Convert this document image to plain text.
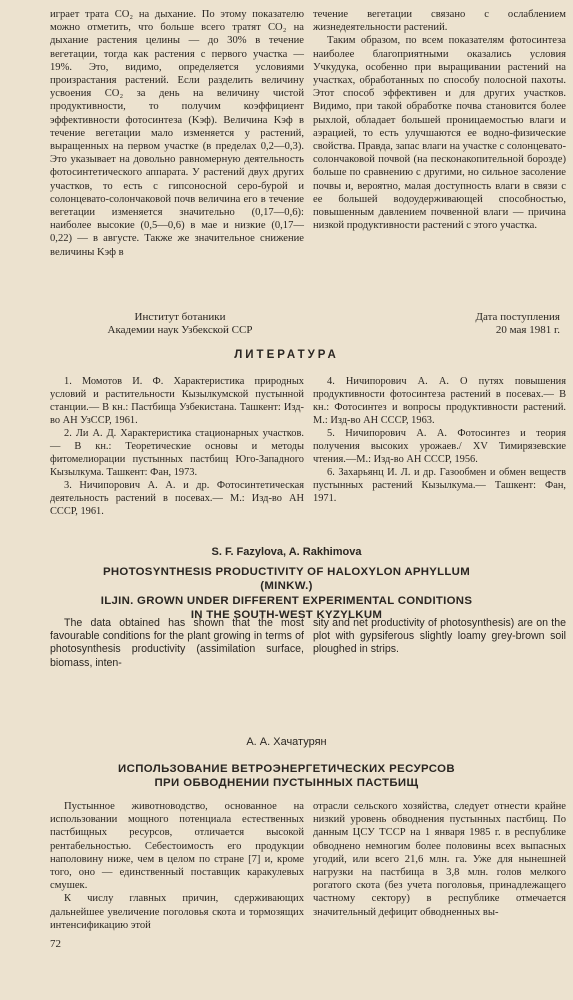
играет трата CO₂ на дыхание. По этому показателю можно отметить, что больше всего тратят CO₂ на дыхание растения целины — до 30% в течение вегетации, тогда как растения с первого участка — 19%. Это, видимо, определяется условиями произрастания растений. Если разделить величину усвоения CO₂ за день на величину чистой продуктивности, то получим коэффициент эффективности фотосинтеза (Kэф). Величина Kэф в течение вегетации мало изменяется у растений, выращенных на первом участке (в пределах 0,2—0,3). Это указывает на довольно равномерную деятельность фотосинтетического аппарата. У растений двух других участков, то есть с гипсоносной серо-бурой и солонцевато-солончаковой почв величина его в течение вегетации изменяется значительно (0,17—0,6): наиболее высокие (0,5—0,6) в мае и низкие (0,17—0,22) — в августе. Также же значительное снижение величины Kэф в

течение вегетации связано с ослаблением жизнедеятельности растений.

Таким образом, по всем показателям фотосинтеза наиболее благоприятными оказались условия Учкудука, особенно при выращивании растений на участках, обработанных по способу полосной пахоты. Этот способ эффективен и для других участков. Видимо, при такой обработке почва становится более рыхлой, обладает большей проницаемостью влаги и аэрацией, то есть улучшаются ее водно-физические свойства. Правда, запас влаги на участке с солонцевато-солончаковой почвой (на песконакопительной борозде) больше по сравнению с другими, но сильное засоление почвы и, вероятно, малая доступность влаги в связи с ее большей водоудерживающей способностью, повышенным давлением почвенной влаги — причина низкой продуктивности растений с этого участка.

Институт ботаники
Академии наук Узбекской ССР
Дата поступления
20 мая 1981 г.
ЛИТЕРАТУРА
1. Момотов И. Ф. Характеристика природных условий и растительности Кызылкумской пустынной станции.— В кн.: Пастбища Узбекистана. Ташкент: Изд-во АН УзССР, 1961.
2. Ли А. Д. Характеристика стационарных участков.— В кн.: Теоретические основы и методы фитомелиорации пустынных пастбищ Юго-Западного Кызылкума. Ташкент: Фан, 1973.
3. Ничипорович А. А. и др. Фотосинтетическая деятельность растений в посевах.— М.: Изд-во АН СССР, 1961.
4. Ничипорович А. А. О путях повышения продуктивности фотосинтеза растений в посевах.— В кн.: Фотосинтез и вопросы продуктивности растений. М.: Изд-во АН СССР, 1963.
5. Ничипорович А. А. Фотосинтез и теория получения высоких урожаев./ XV Тимирязевские чтения.—М.: Изд-во АН СССР, 1956.
6. Захарьянц И. Л. и др. Газообмен и обмен веществ пустынных растений Кызылкума.— Ташкент: Фан, 1971.
S. F. Fazylova, A. Rakhimova
PHOTOSYNTHESIS PRODUCTIVITY OF HALOXYLON APHYLLUM (MINKW.)
ILJIN. GROWN UNDER DIFFERENT EXPERIMENTAL CONDITIONS
IN THE SOUTH-WEST KYZYLKUM

The data obtained has shown that the most favourable conditions for the plant growing in terms of photosynthesis productivity (assimilation surface, biomass, inten-

sity and net productivity of photosynthesis) are on the plot with gypsiferous slightly loamy grey-brown soil ploughed in strips.

А. А. Хачатурян
ИСПОЛЬЗОВАНИЕ ВЕТРОЭНЕРГЕТИЧЕСКИХ РЕСУРСОВ
ПРИ ОБВОДНЕНИИ ПУСТЫННЫХ ПАСТБИЩ

Пустынное животноводство, основанное на использовании мощного потенциала естественных пастбищных ресурсов, отличается высокой рентабельностью. Себестоимость его продукции наполовину ниже, чем в целом по стране [7] и, кроме того, оно — единственный поставщик каракулевых смушек.

К числу главных причин, сдерживающих дальнейшее увеличение поголовья скота и тормозящих интенсификацию этой

отрасли сельского хозяйства, следует отнести крайне низкий уровень обводнения пустынных пастбищ. По данным ЦСУ ТССР на 1 января 1985 г. в республике обводнено немногим более половины всех выпасных угодий, или всего 21,6 млн. га. Уже для нынешней нагрузки на пастбища в 3,8 млн. голов мелкого рогатого скота (без учета поголовья, принадлежащего частному сектору) в республике отмечается значительный дефицит обводненных вы-

72
